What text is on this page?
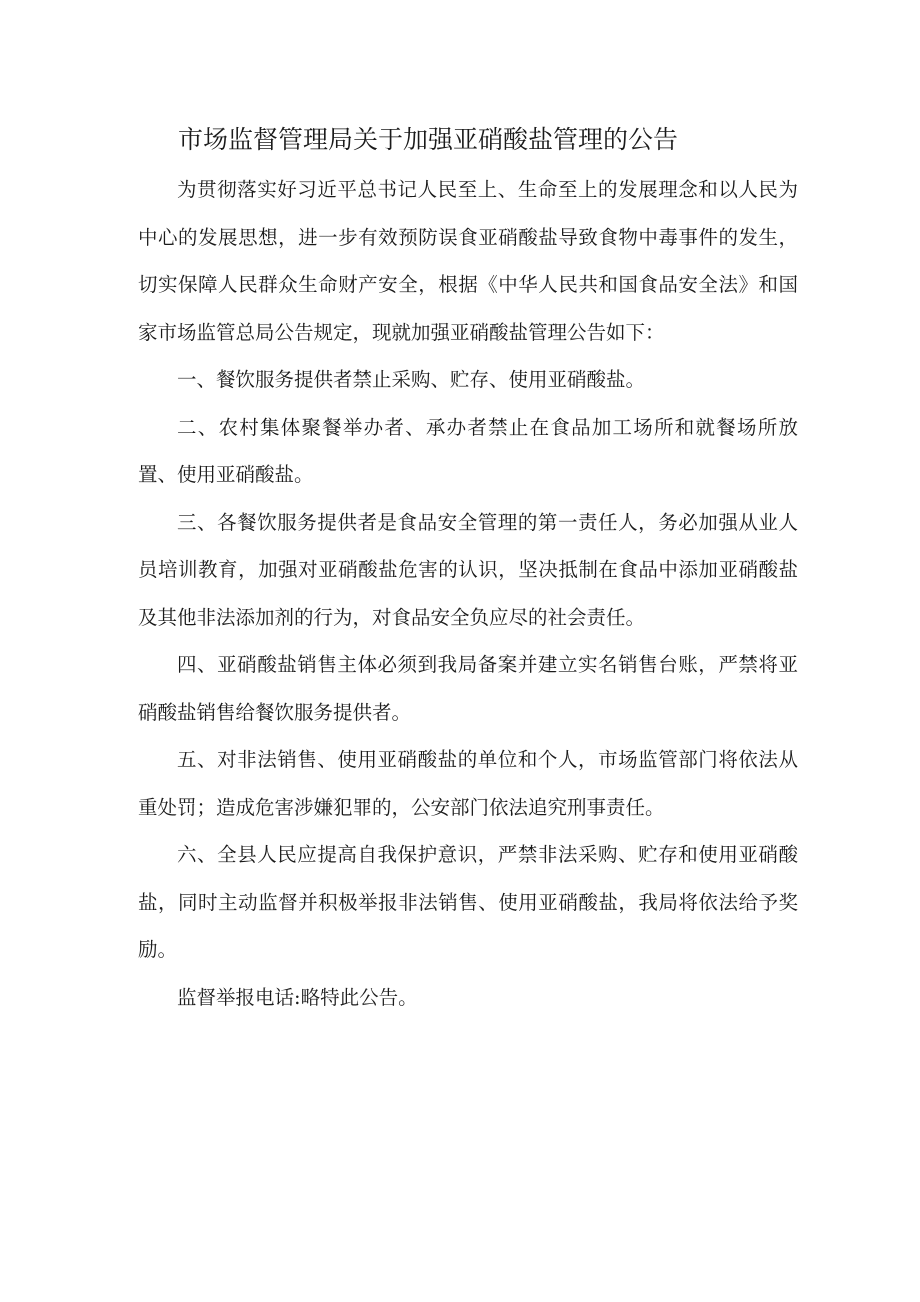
市场监督管理局关于加强亚硝酸盐管理的公告

为贯彻落实好习近平总书记人民至上、生命至上的发展理念和以人民为中心的发展思想，进一步有效预防误食亚硝酸盐导致食物中毒事件的发生，切实保障人民群众生命财产安全，根据《中华人民共和国食品安全法》和国家市场监管总局公告规定，现就加强亚硝酸盐管理公告如下：

一、餐饮服务提供者禁止采购、贮存、使用亚硝酸盐。

二、农村集体聚餐举办者、承办者禁止在食品加工场所和就餐场所放置、使用亚硝酸盐。

三、各餐饮服务提供者是食品安全管理的第一责任人，务必加强从业人员培训教育，加强对亚硝酸盐危害的认识，坚决抵制在食品中添加亚硝酸盐及其他非法添加剂的行为，对食品安全负应尽的社会责任。

四、亚硝酸盐销售主体必须到我局备案并建立实名销售台账，严禁将亚硝酸盐销售给餐饮服务提供者。

五、对非法销售、使用亚硝酸盐的单位和个人，市场监管部门将依法从重处罚；造成危害涉嫌犯罪的，公安部门依法追究刑事责任。

六、全县人民应提高自我保护意识，严禁非法采购、贮存和使用亚硝酸盐，同时主动监督并积极举报非法销售、使用亚硝酸盐，我局将依法给予奖励。

监督举报电话:略特此公告。
